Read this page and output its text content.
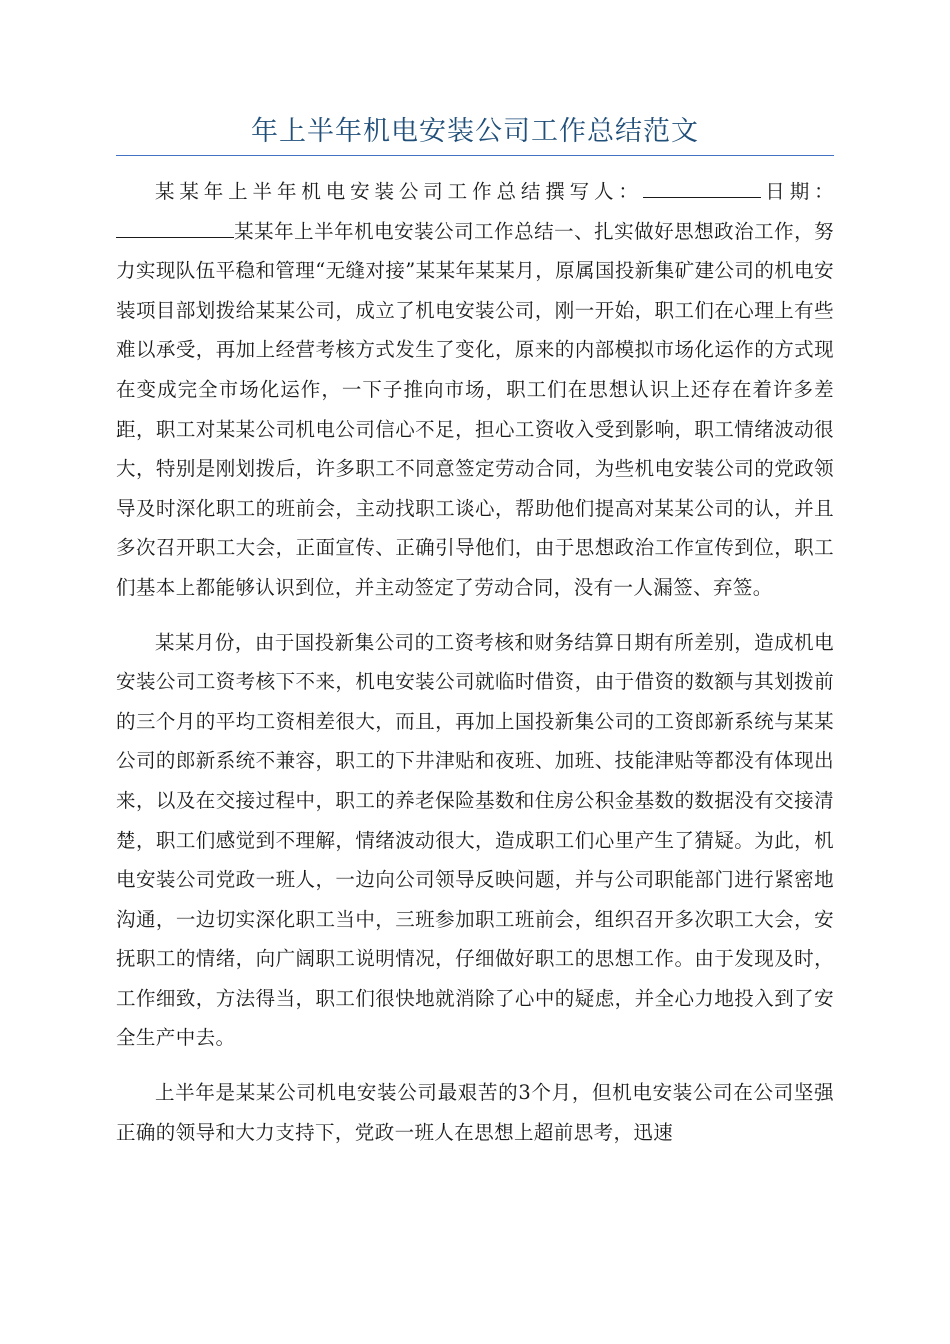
年上半年机电安装公司工作总结范文

某某年上半年机电安装公司工作总结撰写人：	日期：某某年上半年机电安装公司工作总结一、扎实做好思想政治工作，努力实现队伍平稳和管理“无缝对接”某某年某某月，原属国投新集矿建公司的机电安装项目部划拨给某某公司，成立了机电安装公司，刚一开始，职工们在心理上有些难以承受，再加上经营考核方式发生了变化，原来的内部模拟市场化运作的方式现在变成完全市场化运作，一下子推向市场，职工们在思想认识上还存在着许多差距，职工对某某公司机电公司信心不足，担心工资收入受到影响，职工情绪波动很大，特别是刚划拨后，许多职工不同意签定劳动合同，为些机电安装公司的党政领导及时深化职工的班前会，主动找职工谈心，帮助他们提高对某某公司的认，并且多次召开职工大会，正面宣传、正确引导他们，由于思想政治工作宣传到位，职工们基本上都能够认识到位，并主动签定了劳动合同，没有一人漏签、弃签。

某某月份，由于国投新集公司的工资考核和财务结算日期有所差别，造成机电安装公司工资考核下不来，机电安装公司就临时借资，由于借资的数额与其划拨前的三个月的平均工资相差很大，而且，再加上国投新集公司的工资郎新系统与某某公司的郎新系统不兼容，职工的下井津贴和夜班、加班、技能津贴等都没有体现出来，以及在交接过程中，职工的养老保险基数和住房公积金基数的数据没有交接清楚，职工们感觉到不理解，情绪波动很大，造成职工们心里产生了猜疑。为此，机电安装公司党政一班人，一边向公司领导反映问题，并与公司职能部门进行紧密地沟通，一边切实深化职工当中，三班参加职工班前会，组织召开多次职工大会，安抚职工的情绪，向广阔职工说明情况，仔细做好职工的思想工作。由于发现及时，工作细致，方法得当，职工们很快地就消除了心中的疑虑，并全心力地投入到了安全生产中去。

上半年是某某公司机电安装公司最艰苦的3个月，但机电安装公司在公司坚强正确的领导和大力支持下，党政一班人在思想上超前思考，迅速
